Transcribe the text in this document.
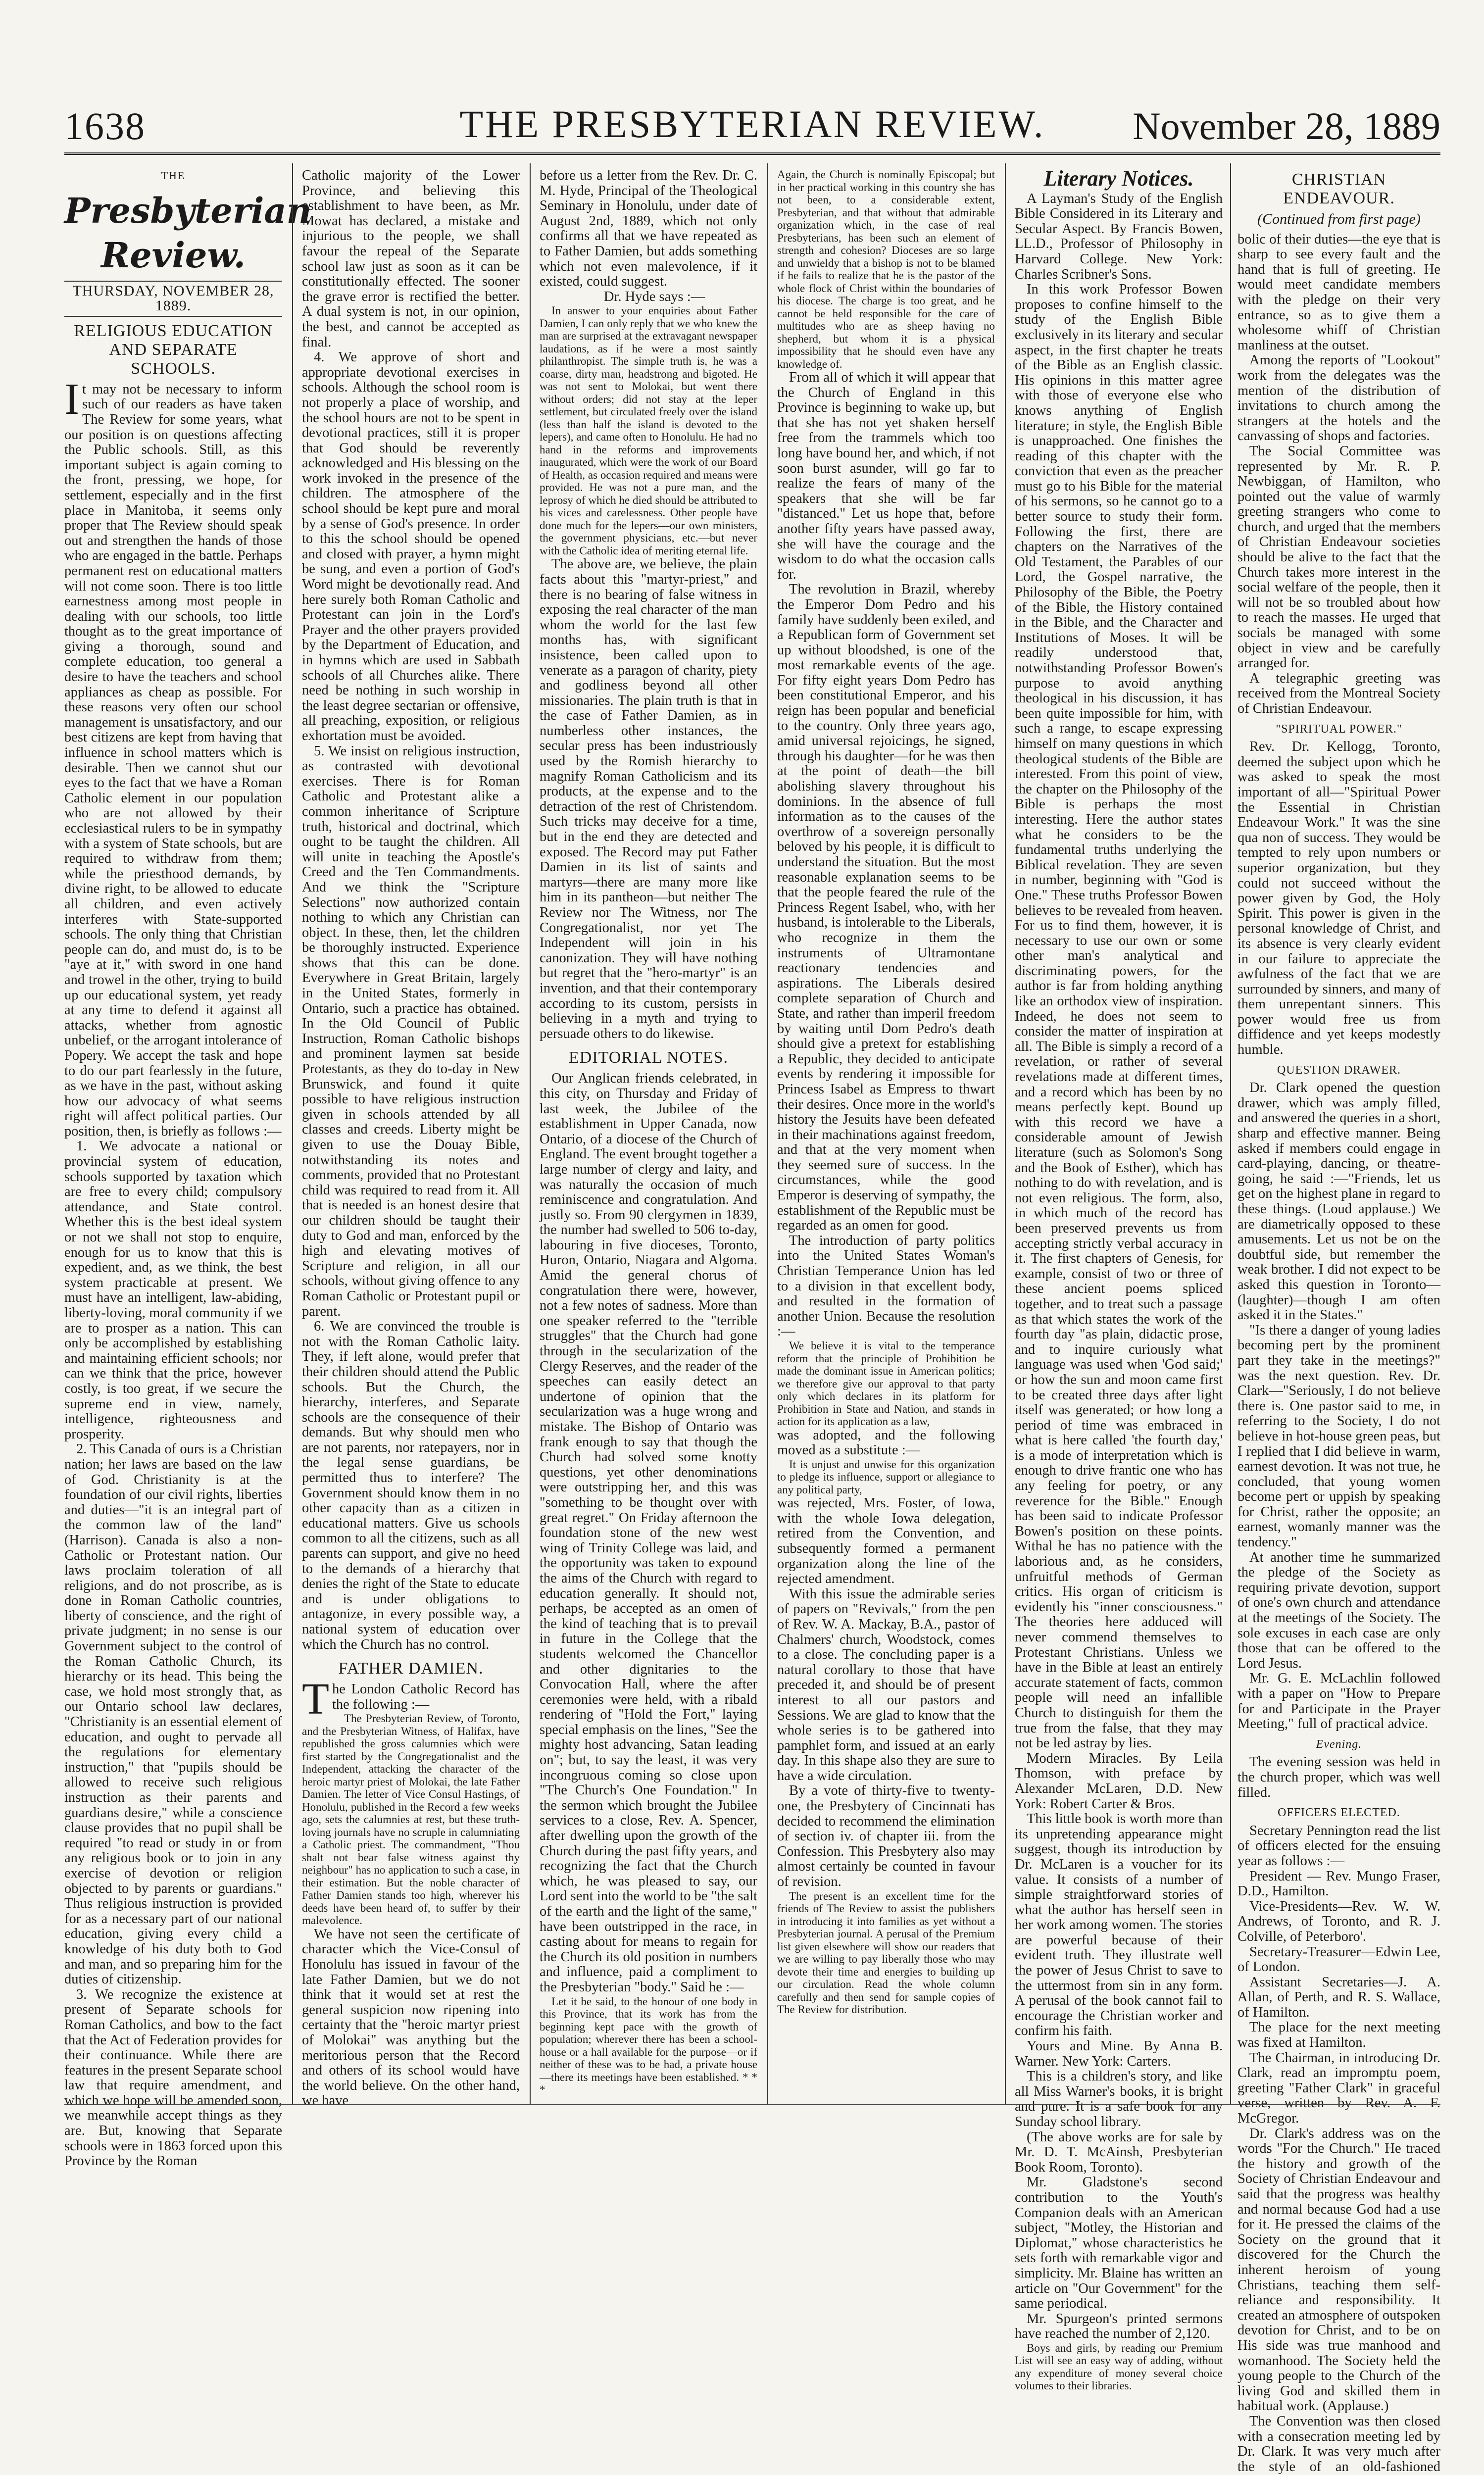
1638	THE PRESBYTERIAN REVIEW.	November 28, 1889
THE
Presbyterian Review.
THURSDAY, NOVEMBER 28, 1889.
RELIGIOUS EDUCATION AND SEPARATE SCHOOLS.

It may not be necessary to inform such of our readers as have taken The Review for some years, what our position is on questions affecting the Public schools. Still, as this important subject is again coming to the front, pressing, we hope, for settlement, especially and in the first place in Manitoba, it seems only proper that The Review should speak out and strengthen the hands of those who are engaged in the battle. Perhaps permanent rest on educational matters will not come soon. There is too little earnestness among most people in dealing with our schools, too little thought as to the great importance of giving a thorough, sound and complete education, too general a desire to have the teachers and school appliances as cheap as possible. For these reasons very often our school management is unsatisfactory, and our best citizens are kept from having that influence in school matters which is desirable. Then we cannot shut our eyes to the fact that we have a Roman Catholic element in our population who are not allowed by their ecclesiastical rulers to be in sympathy with a system of State schools, but are required to withdraw from them; while the priesthood demands, by divine right, to be allowed to educate all children, and even actively interferes with State-supported schools. The only thing that Christian people can do, and must do, is to be "aye at it," with sword in one hand and trowel in the other, trying to build up our educational system, yet ready at any time to defend it against all attacks, whether from agnostic unbelief, or the arrogant intolerance of Popery. We accept the task and hope to do our part fearlessly in the future, as we have in the past, without asking how our advocacy of what seems right will affect political parties. Our position, then, is briefly as follows :—

1. We advocate a national or provincial system of education, schools supported by taxation which are free to every child; compulsory attendance, and State control. Whether this is the best ideal system or not we shall not stop to enquire, enough for us to know that this is expedient, and, as we think, the best system practicable at present. We must have an intelligent, law-abiding, liberty-loving, moral community if we are to prosper as a nation. This can only be accomplished by establishing and maintaining efficient schools; nor can we think that the price, however costly, is too great, if we secure the supreme end in view, namely, intelligence, righteousness and prosperity.

2. This Canada of ours is a Christian nation; her laws are based on the law of God. Christianity is at the foundation of our civil rights, liberties and duties—"it is an integral part of the common law of the land" (Harrison). Canada is also a non-Catholic or Protestant nation. Our laws proclaim toleration of all religions, and do not proscribe, as is done in Roman Catholic countries, liberty of conscience, and the right of private judgment; in no sense is our Government subject to the control of the Roman Catholic Church, its hierarchy or its head. This being the case, we hold most strongly that, as our Ontario school law declares, "Christianity is an essential element of education, and ought to pervade all the regulations for elementary instruction," that "pupils should be allowed to receive such religious instruction as their parents and guardians desire," while a conscience clause provides that no pupil shall be required "to read or study in or from any religious book or to join in any exercise of devotion or religion objected to by parents or guardians." Thus religious instruction is provided for as a necessary part of our national education, giving every child a knowledge of his duty both to God and man, and so preparing him for the duties of citizenship.

3. We recognize the existence at present of Separate schools for Roman Catholics, and bow to the fact that the Act of Federation provides for their continuance. While there are features in the present Separate school law that require amendment, and which we hope will be amended soon, we meanwhile accept things as they are. But, knowing that Separate schools were in 1863 forced upon this Province by the Roman

Catholic majority of the Lower Province, and believing this establishment to have been, as Mr. Mowat has declared, a mistake and injurious to the people, we shall favour the repeal of the Separate school law just as soon as it can be constitutionally effected. The sooner the grave error is rectified the better. A dual system is not, in our opinion, the best, and cannot be accepted as final.

4. We approve of short and appropriate devotional exercises in schools. Although the school room is not properly a place of worship, and the school hours are not to be spent in devotional practices, still it is proper that God should be reverently acknowledged and His blessing on the work invoked in the presence of the children. The atmosphere of the school should be kept pure and moral by a sense of God's presence. In order to this the school should be opened and closed with prayer, a hymn might be sung, and even a portion of God's Word might be devotionally read. And here surely both Roman Catholic and Protestant can join in the Lord's Prayer and the other prayers provided by the Department of Education, and in hymns which are used in Sabbath schools of all Churches alike. There need be nothing in such worship in the least degree sectarian or offensive, all preaching, exposition, or religious exhortation must be avoided.

5. We insist on religious instruction, as contrasted with devotional exercises. There is for Roman Catholic and Protestant alike a common inheritance of Scripture truth, historical and doctrinal, which ought to be taught the children. All will unite in teaching the Apostle's Creed and the Ten Commandments. And we think the "Scripture Selections" now authorized contain nothing to which any Christian can object. In these, then, let the children be thoroughly instructed. Experience shows that this can be done. Everywhere in Great Britain, largely in the United States, formerly in Ontario, such a practice has obtained. In the Old Council of Public Instruction, Roman Catholic bishops and prominent laymen sat beside Protestants, as they do to-day in New Brunswick, and found it quite possible to have religious instruction given in schools attended by all classes and creeds. Liberty might be given to use the Douay Bible, notwithstanding its notes and comments, provided that no Protestant child was required to read from it. All that is needed is an honest desire that our children should be taught their duty to God and man, enforced by the high and elevating motives of Scripture and religion, in all our schools, without giving offence to any Roman Catholic or Protestant pupil or parent.

6. We are convinced the trouble is not with the Roman Catholic laity. They, if left alone, would prefer that their children should attend the Public schools. But the Church, the hierarchy, interferes, and Separate schools are the consequence of their demands. But why should men who are not parents, nor ratepayers, nor in the legal sense guardians, be permitted thus to interfere? The Government should know them in no other capacity than as a citizen in educational matters. Give us schools common to all the citizens, such as all parents can support, and give no heed to the demands of a hierarchy that denies the right of the State to educate and is under obligations to antagonize, in every possible way, a national system of education over which the Church has no control.

FATHER DAMIEN.

The London Catholic Record has the following :—

The Presbyterian Review, of Toronto, and the Presbyterian Witness, of Halifax, have republished the gross calumnies which were first started by the Congregationalist and the Independent, attacking the character of the heroic martyr priest of Molokai, the late Father Damien. The letter of Vice Consul Hastings, of Honolulu, published in the Record a few weeks ago, sets the calumnies at rest, but these truth-loving journals have no scruple in calumniating a Catholic priest. The commandment, "Thou shalt not bear false witness against thy neighbour" has no application to such a case, in their estimation. But the noble character of Father Damien stands too high, wherever his deeds have been heard of, to suffer by their malevolence.

We have not seen the certificate of character which the Vice-Consul of Honolulu has issued in favour of the late Father Damien, but we do not think that it would set at rest the general suspicion now ripening into certainty that the "heroic martyr priest of Molokai" was anything but the meritorious person that the Record and others of its school would have the world believe. On the other hand, we have

before us a letter from the Rev. Dr. C. M. Hyde, Principal of the Theological Seminary in Honolulu, under date of August 2nd, 1889, which not only confirms all that we have repeated as to Father Damien, but adds something which not even malevolence, if it existed, could suggest.

Dr. Hyde says :—

In answer to your enquiries about Father Damien, I can only reply that we who knew the man are surprised at the extravagant newspaper laudations, as if he were a most saintly philanthropist. The simple truth is, he was a coarse, dirty man, headstrong and bigoted. He was not sent to Molokai, but went there without orders; did not stay at the leper settlement, but circulated freely over the island (less than half the island is devoted to the lepers), and came often to Honolulu. He had no hand in the reforms and improvements inaugurated, which were the work of our Board of Health, as occasion required and means were provided. He was not a pure man, and the leprosy of which he died should be attributed to his vices and carelessness. Other people have done much for the lepers—our own ministers, the government physicians, etc.—but never with the Catholic idea of meriting eternal life.

The above are, we believe, the plain facts about this "martyr-priest," and there is no bearing of false witness in exposing the real character of the man whom the world for the last few months has, with significant insistence, been called upon to venerate as a paragon of charity, piety and godliness beyond all other missionaries. The plain truth is that in the case of Father Damien, as in numberless other instances, the secular press has been industriously used by the Romish hierarchy to magnify Roman Catholicism and its products, at the expense and to the detraction of the rest of Christendom. Such tricks may deceive for a time, but in the end they are detected and exposed. The Record may put Father Damien in its list of saints and martyrs—there are many more like him in its pantheon—but neither The Review nor The Witness, nor The Congregationalist, nor yet The Independent will join in his canonization. They will have nothing but regret that the "hero-martyr" is an invention, and that their contemporary according to its custom, persists in believing in a myth and trying to persuade others to do likewise.

EDITORIAL NOTES.

Our Anglican friends celebrated, in this city, on Thursday and Friday of last week, the Jubilee of the establishment in Upper Canada, now Ontario, of a diocese of the Church of England. The event brought together a large number of clergy and laity, and was naturally the occasion of much reminiscence and congratulation. And justly so. From 90 clergymen in 1839, the number had swelled to 506 to-day, labouring in five dioceses, Toronto, Huron, Ontario, Niagara and Algoma. Amid the general chorus of congratulation there were, however, not a few notes of sadness. More than one speaker referred to the "terrible struggles" that the Church had gone through in the secularization of the Clergy Reserves, and the reader of the speeches can easily detect an undertone of opinion that the secularization was a huge wrong and mistake. The Bishop of Ontario was frank enough to say that though the Church had solved some knotty questions, yet other denominations were outstripping her, and this was "something to be thought over with great regret." On Friday afternoon the foundation stone of the new west wing of Trinity College was laid, and the opportunity was taken to expound the aims of the Church with regard to education generally. It should not, perhaps, be accepted as an omen of the kind of teaching that is to prevail in future in the College that the students welcomed the Chancellor and other dignitaries to the Convocation Hall, where the after ceremonies were held, with a ribald rendering of "Hold the Fort," laying special emphasis on the lines, "See the mighty host advancing, Satan leading on"; but, to say the least, it was very incongruous coming so close upon "The Church's One Foundation." In the sermon which brought the Jubilee services to a close, Rev. A. Spencer, after dwelling upon the growth of the Church during the past fifty years, and recognizing the fact that the Church which, he was pleased to say, our Lord sent into the world to be "the salt of the earth and the light of the same," have been outstripped in the race, in casting about for means to regain for the Church its old position in numbers and influence, paid a compliment to the Presbyterian "body." Said he :—

Let it be said, to the honour of one body in this Province, that its work has from the beginning kept pace with the growth of population; wherever there has been a school-house or a hall available for the purpose—or if neither of these was to be had, a private house—there its meetings have been established. * * *

Again, the Church is nominally Episcopal; but in her practical working in this country she has not been, to a considerable extent, Presbyterian, and that without that admirable organization which, in the case of real Presbyterians, has been such an element of strength and cohesion? Dioceses are so large and unwieldy that a bishop is not to be blamed if he fails to realize that he is the pastor of the whole flock of Christ within the boundaries of his diocese. The charge is too great, and he cannot be held responsible for the care of multitudes who are as sheep having no shepherd, but whom it is a physical impossibility that he should even have any knowledge of.

From all of which it will appear that the Church of England in this Province is beginning to wake up, but that she has not yet shaken herself free from the trammels which too long have bound her, and which, if not soon burst asunder, will go far to realize the fears of many of the speakers that she will be far "distanced." Let us hope that, before another fifty years have passed away, she will have the courage and the wisdom to do what the occasion calls for.

The revolution in Brazil, whereby the Emperor Dom Pedro and his family have suddenly been exiled, and a Republican form of Government set up without bloodshed, is one of the most remarkable events of the age. For fifty eight years Dom Pedro has been constitutional Emperor, and his reign has been popular and beneficial to the country. Only three years ago, amid universal rejoicings, he signed, through his daughter—for he was then at the point of death—the bill abolishing slavery throughout his dominions. In the absence of full information as to the causes of the overthrow of a sovereign personally beloved by his people, it is difficult to understand the situation. But the most reasonable explanation seems to be that the people feared the rule of the Princess Regent Isabel, who, with her husband, is intolerable to the Liberals, who recognize in them the instruments of Ultramontane reactionary tendencies and aspirations. The Liberals desired complete separation of Church and State, and rather than imperil freedom by waiting until Dom Pedro's death should give a pretext for establishing a Republic, they decided to anticipate events by rendering it impossible for Princess Isabel as Empress to thwart their desires. Once more in the world's history the Jesuits have been defeated in their machinations against freedom, and that at the very moment when they seemed sure of success. In the circumstances, while the good Emperor is deserving of sympathy, the establishment of the Republic must be regarded as an omen for good.

The introduction of party politics into the United States Woman's Christian Temperance Union has led to a division in that excellent body, and resulted in the formation of another Union. Because the resolution :—

We believe it is vital to the temperance reform that the principle of Prohibition be made the dominant issue in American politics; we therefore give our approval to that party only which declares in its platform for Prohibition in State and Nation, and stands in action for its application as a law,

was adopted, and the following moved as a substitute :—

It is unjust and unwise for this organization to pledge its influence, support or allegiance to any political party,

was rejected, Mrs. Foster, of Iowa, with the whole Iowa delegation, retired from the Convention, and subsequently formed a permanent organization along the line of the rejected amendment.

With this issue the admirable series of papers on "Revivals," from the pen of Rev. W. A. Mackay, B.A., pastor of Chalmers' church, Woodstock, comes to a close. The concluding paper is a natural corollary to those that have preceded it, and should be of present interest to all our pastors and Sessions. We are glad to know that the whole series is to be gathered into pamphlet form, and issued at an early day. In this shape also they are sure to have a wide circulation.

By a vote of thirty-five to twenty-one, the Presbytery of Cincinnati has decided to recommend the elimination of section iv. of chapter iii. from the Confession. This Presbytery also may almost certainly be counted in favour of revision.

The present is an excellent time for the friends of The Review to assist the publishers in introducing it into families as yet without a Presbyterian journal. A perusal of the Premium list given elsewhere will show our readers that we are willing to pay liberally those who may devote their time and energies to building up our circulation. Read the whole column carefully and then send for sample copies of The Review for distribution.

Literary Notices.

A Layman's Study of the English Bible Considered in its Literary and Secular Aspect. By Francis Bowen, LL.D., Professor of Philosophy in Harvard College. New York: Charles Scribner's Sons.

In this work Professor Bowen proposes to confine himself to the study of the English Bible exclusively in its literary and secular aspect, in the first chapter he treats of the Bible as an English classic. His opinions in this matter agree with those of everyone else who knows anything of English literature; in style, the English Bible is unapproached. One finishes the reading of this chapter with the conviction that even as the preacher must go to his Bible for the material of his sermons, so he cannot go to a better source to study their form. Following the first, there are chapters on the Narratives of the Old Testament, the Parables of our Lord, the Gospel narrative, the Philosophy of the Bible, the Poetry of the Bible, the History contained in the Bible, and the Character and Institutions of Moses. It will be readily understood that, notwithstanding Professor Bowen's purpose to avoid anything theological in his discussion, it has been quite impossible for him, with such a range, to escape expressing himself on many questions in which theological students of the Bible are interested. From this point of view, the chapter on the Philosophy of the Bible is perhaps the most interesting. Here the author states what he considers to be the fundamental truths underlying the Biblical revelation. They are seven in number, beginning with "God is One." These truths Professor Bowen believes to be revealed from heaven. For us to find them, however, it is necessary to use our own or some other man's analytical and discriminating powers, for the author is far from holding anything like an orthodox view of inspiration. Indeed, he does not seem to consider the matter of inspiration at all. The Bible is simply a record of a revelation, or rather of several revelations made at different times, and a record which has been by no means perfectly kept. Bound up with this record we have a considerable amount of Jewish literature (such as Solomon's Song and the Book of Esther), which has nothing to do with revelation, and is not even religious. The form, also, in which much of the record has been preserved prevents us from accepting strictly verbal accuracy in it. The first chapters of Genesis, for example, consist of two or three of these ancient poems spliced together, and to treat such a passage as that which states the work of the fourth day "as plain, didactic prose, and to inquire curiously what language was used when 'God said;' or how the sun and moon came first to be created three days after light itself was generated; or how long a period of time was embraced in what is here called 'the fourth day,' is a mode of interpretation which is enough to drive frantic one who has any feeling for poetry, or any reverence for the Bible." Enough has been said to indicate Professor Bowen's position on these points. Withal he has no patience with the laborious and, as he considers, unfruitful methods of German critics. His organ of criticism is evidently his "inner consciousness." The theories here adduced will never commend themselves to Protestant Christians. Unless we have in the Bible at least an entirely accurate statement of facts, common people will need an infallible Church to distinguish for them the true from the false, that they may not be led astray by lies.

Modern Miracles. By Leila Thomson, with preface by Alexander McLaren, D.D. New York: Robert Carter & Bros.

This little book is worth more than its unpretending appearance might suggest, though its introduction by Dr. McLaren is a voucher for its value. It consists of a number of simple straightforward stories of what the author has herself seen in her work among women. The stories are powerful because of their evident truth. They illustrate well the power of Jesus Christ to save to the uttermost from sin in any form. A perusal of the book cannot fail to encourage the Christian worker and confirm his faith.

Yours and Mine. By Anna B. Warner. New York: Carters.

This is a children's story, and like all Miss Warner's books, it is bright and pure. It is a safe book for any Sunday school library.

(The above works are for sale by Mr. D. T. McAinsh, Presbyterian Book Room, Toronto).

Mr. Gladstone's second contribution to the Youth's Companion deals with an American subject, "Motley, the Historian and Diplomat," whose characteristics he sets forth with remarkable vigor and simplicity. Mr. Blaine has written an article on "Our Government" for the same periodical.

Mr. Spurgeon's printed sermons have reached the number of 2,120.

Boys and girls, by reading our Premium List will see an easy way of adding, without any expenditure of money several choice volumes to their libraries.

CHRISTIAN ENDEAVOUR.
(Continued from first page)

bolic of their duties—the eye that is sharp to see every fault and the hand that is full of greeting. He would meet candidate members with the pledge on their very entrance, so as to give them a wholesome whiff of Christian manliness at the outset.

Among the reports of "Lookout" work from the delegates was the mention of the distribution of invitations to church among the strangers at the hotels and the canvassing of shops and factories.

The Social Committee was represented by Mr. R. P. Newbiggan, of Hamilton, who pointed out the value of warmly greeting strangers who come to church, and urged that the members of Christian Endeavour societies should be alive to the fact that the Church takes more interest in the social welfare of the people, then it will not be so troubled about how to reach the masses. He urged that socials be managed with some object in view and be carefully arranged for.

A telegraphic greeting was received from the Montreal Society of Christian Endeavour.

"SPIRITUAL POWER."

Rev. Dr. Kellogg, Toronto, deemed the subject upon which he was asked to speak the most important of all—"Spiritual Power the Essential in Christian Endeavour Work." It was the sine qua non of success. They would be tempted to rely upon numbers or superior organization, but they could not succeed without the power given by God, the Holy Spirit. This power is given in the personal knowledge of Christ, and its absence is very clearly evident in our failure to appreciate the awfulness of the fact that we are surrounded by sinners, and many of them unrepentant sinners. This power would free us from diffidence and yet keeps modestly humble.

QUESTION DRAWER.

Dr. Clark opened the question drawer, which was amply filled, and answered the queries in a short, sharp and effective manner. Being asked if members could engage in card-playing, dancing, or theatre-going, he said :—"Friends, let us get on the highest plane in regard to these things. (Loud applause.) We are diametrically opposed to these amusements. Let us not be on the doubtful side, but remember the weak brother. I did not expect to be asked this question in Toronto—(laughter)—though I am often asked it in the States."

"Is there a danger of young ladies becoming pert by the prominent part they take in the meetings?" was the next question. Rev. Dr. Clark—"Seriously, I do not believe there is. One pastor said to me, in referring to the Society, I do not believe in hot-house green peas, but I replied that I did believe in warm, earnest devotion. It was not true, he concluded, that young women become pert or uppish by speaking for Christ, rather the opposite; an earnest, womanly manner was the tendency."

At another time he summarized the pledge of the Society as requiring private devotion, support of one's own church and attendance at the meetings of the Society. The sole excuses in each case are only those that can be offered to the Lord Jesus.

Mr. G. E. McLachlin followed with a paper on "How to Prepare for and Participate in the Prayer Meeting," full of practical advice.

Evening.

The evening session was held in the church proper, which was well filled.

OFFICERS ELECTED.

Secretary Pennington read the list of officers elected for the ensuing year as follows :—

President — Rev. Mungo Fraser, D.D., Hamilton.

Vice-Presidents—Rev. W. W. Andrews, of Toronto, and R. J. Colville, of Peterboro'.

Secretary-Treasurer—Edwin Lee, of London.

Assistant Secretaries—J. A. Allan, of Perth, and R. S. Wallace, of Hamilton.

The place for the next meeting was fixed at Hamilton.

The Chairman, in introducing Dr. Clark, read an impromptu poem, greeting "Father Clark" in graceful verse, written by Rev. A. F. McGregor.

Dr. Clark's address was on the words "For the Church." He traced the history and growth of the Society of Christian Endeavour and said that the progress was healthy and normal because God had a use for it. He pressed the claims of the Society on the ground that it discovered for the Church the inherent heroism of young Christians, teaching them self-reliance and responsibility. It created an atmosphere of outspoken devotion for Christ, and to be on His side was true manhood and womanhood. The Society held the young people to the Church of the living God and skilled them in habitual work. (Applause.)

The Convention was then closed with a consecration meeting led by Dr. Clark. It was very much after the style of an old-fashioned
